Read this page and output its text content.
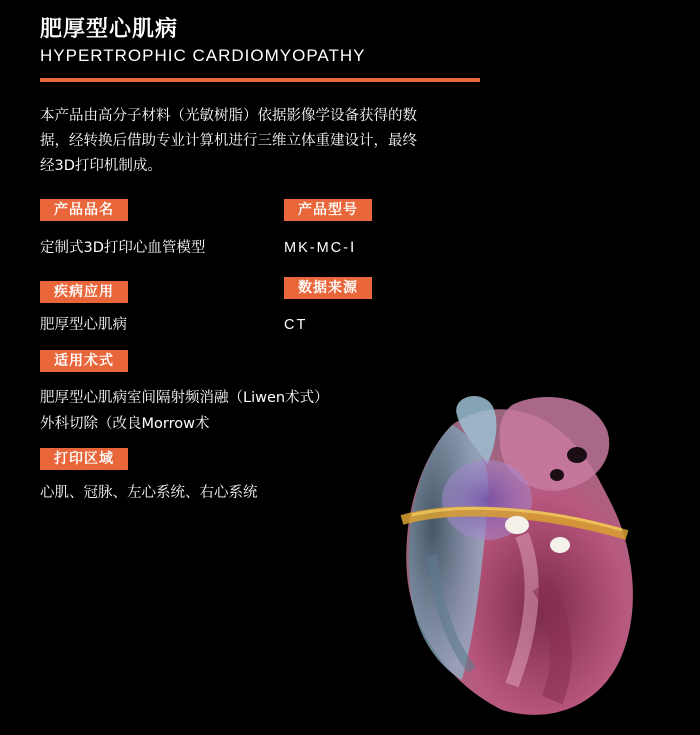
肥厚型心肌病
HYPERTROPHIC CARDIOMYOPATHY
本产品由高分子材料（光敏树脂）依据影像学设备获得的数
据，经转换后借助专业计算机进行三维立体重建设计，最终
经3D打印机制成。
产品品名
定制式3D打印心血管模型
产品型号
MK-MC-Ⅰ
疾病应用
肥厚型心肌病
数据来源
CT
适用术式
肥厚型心肌病室间隔射频消融（Liwen术式）
外科切除（改良Morrow术
打印区域
心肌、冠脉、左心系统、右心系统
